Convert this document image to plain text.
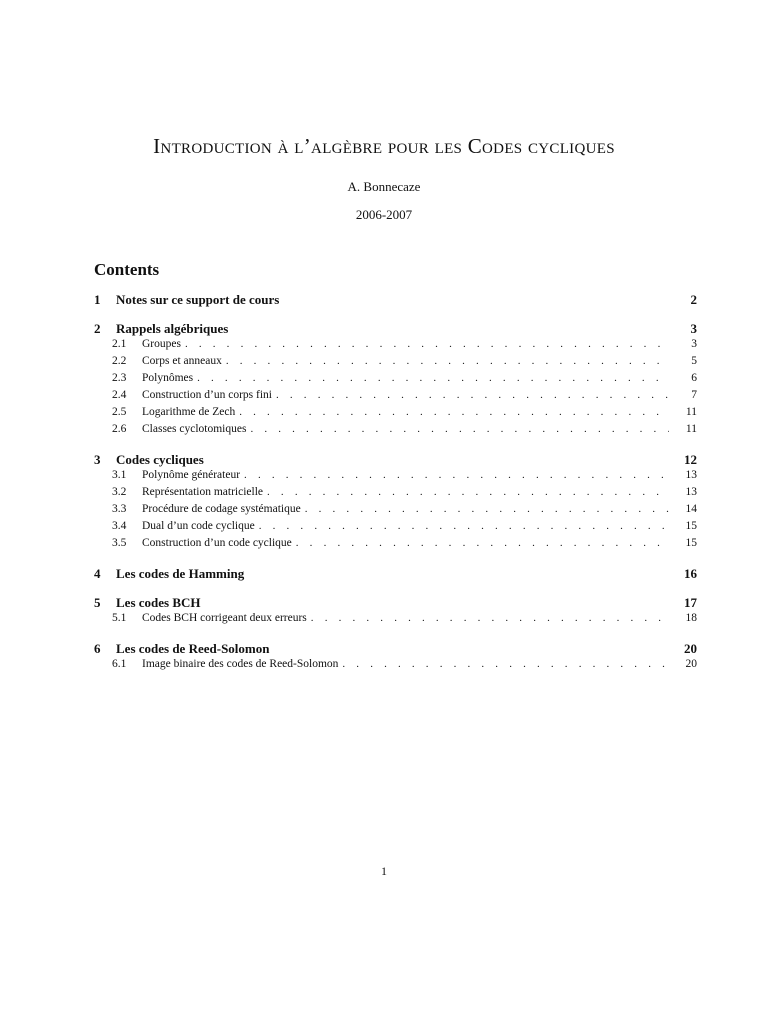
Introduction à l’algèbre pour les Codes cycliques
A. Bonnecaze
2006-2007
Contents
1	Notes sur ce support de cours	2
2	Rappels algébriques	3
2.1	Groupes . . .	3
2.2	Corps et anneaux . . .	5
2.3	Polynômes . . .	6
2.4	Construction d’un corps fini . . .	7
2.5	Logarithme de Zech . . .	11
2.6	Classes cyclotomiques . . .	11
3	Codes cycliques	12
3.1	Polynôme générateur . . .	13
3.2	Représentation matricielle . . .	13
3.3	Procédure de codage systématique . . .	14
3.4	Dual d’un code cyclique . . .	15
3.5	Construction d’un code cyclique . . .	15
4	Les codes de Hamming	16
5	Les codes BCH	17
5.1	Codes BCH corrigeant deux erreurs . . .	18
6	Les codes de Reed-Solomon	20
6.1	Image binaire des codes de Reed-Solomon . . .	20
1
